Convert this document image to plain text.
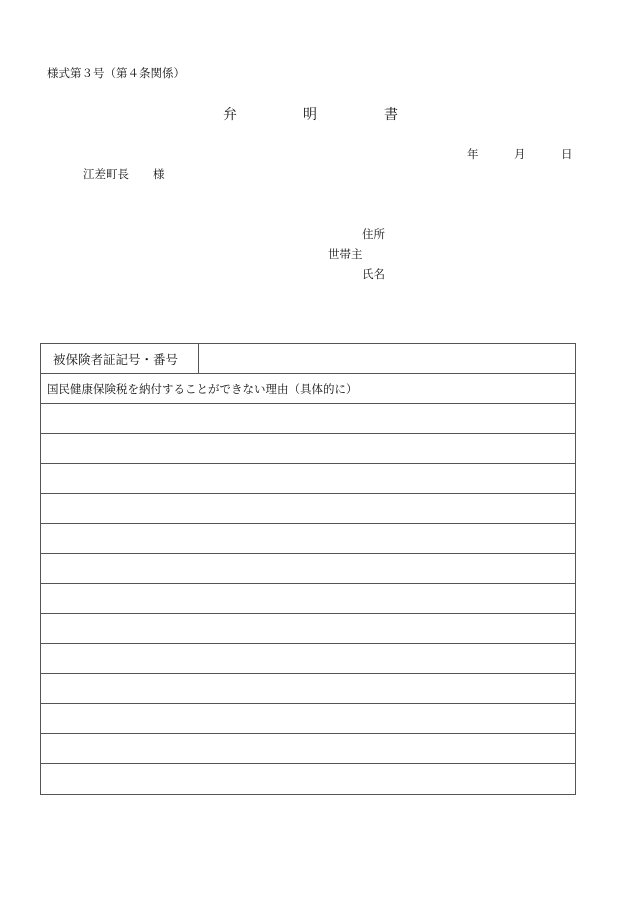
様式第３号（第４条関係）
弁	明	書
年	月	日
江差町長 様
住所
世帯主
氏名
被保険者証記号・番号
国民健康保険税を納付することができない理由（具体的に）
